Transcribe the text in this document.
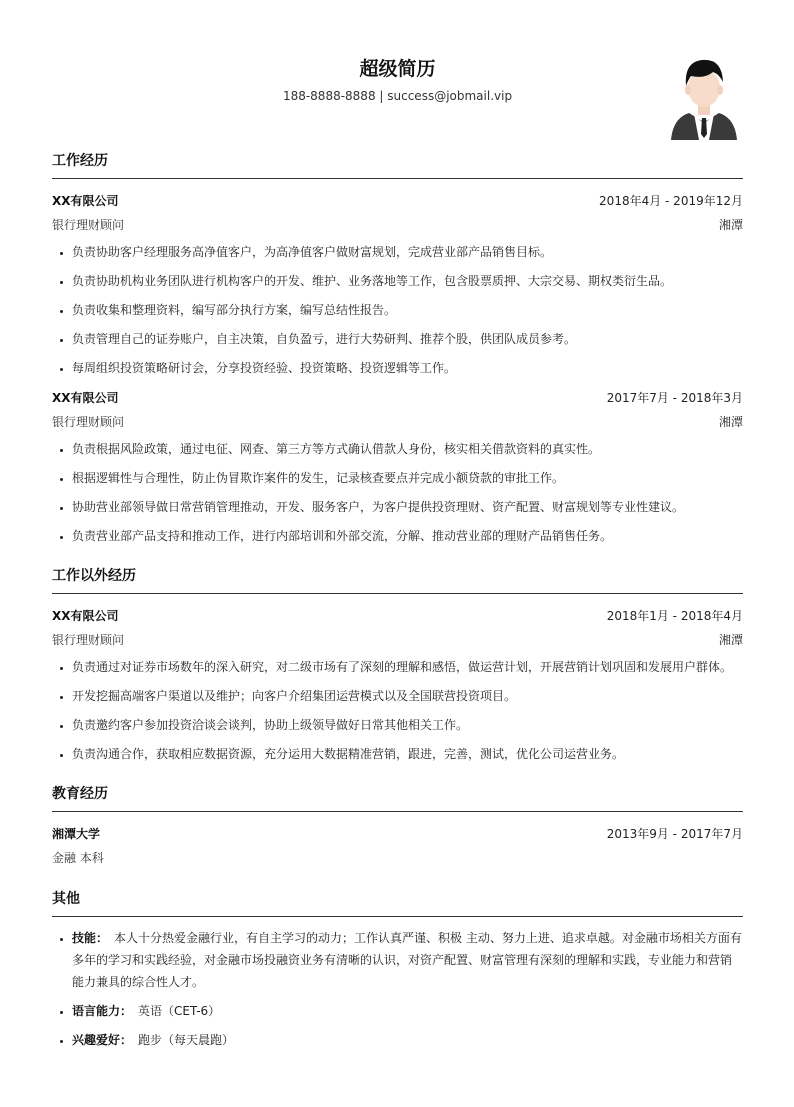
超级简历
188-8888-8888 | success@jobmail.vip
工作经历
XX有限公司	2018年4月 - 2019年12月
银行理财顾问	湘潭
• 负责协助客户经理服务高净值客户，为高净值客户做财富规划，完成营业部产品销售目标。
• 负责协助机构业务团队进行机构客户的开发、维护、业务落地等工作，包含股票质押、大宗交易、期权类衍生品。
• 负责收集和整理资料，编写部分执行方案，编写总结性报告。
• 负责管理自己的证券账户，自主决策，自负盈亏，进行大势研判、推荐个股，供团队成员参考。
• 每周组织投资策略研讨会，分享投资经验、投资策略、投资逻辑等工作。
XX有限公司	2017年7月 - 2018年3月
银行理财顾问	湘潭
• 负责根据风险政策，通过电征、网查、第三方等方式确认借款人身份，核实相关借款资料的真实性。
• 根据逻辑性与合理性，防止伪冒欺诈案件的发生，记录核查要点并完成小额贷款的审批工作。
• 协助营业部领导做日常营销管理推动，开发、服务客户，为客户提供投资理财、资产配置、财富规划等专业性建议。
• 负责营业部产品支持和推动工作，进行内部培训和外部交流，分解、推动营业部的理财产品销售任务。
工作以外经历
XX有限公司	2018年1月 - 2018年4月
银行理财顾问	湘潭
• 负责通过对证券市场数年的深入研究，对二级市场有了深刻的理解和感悟，做运营计划，开展营销计划巩固和发展用户群体。
• 开发挖掘高端客户渠道以及维护；向客户介绍集团运营模式以及全国联营投资项目。
• 负责邀约客户参加投资洽谈会谈判，协助上级领导做好日常其他相关工作。
• 负责沟通合作，获取相应数据资源，充分运用大数据精准营销，跟进，完善，测试，优化公司运营业务。
教育经历
湘潭大学	2013年9月 - 2017年7月
金融 本科
其他
• 技能： 本人十分热爱金融行业，有自主学习的动力；工作认真严谨、积极 主动、努力上进、追求卓越。对金融市场相关方面有多年的学习和实践经验，对金融市场投融资业务有清晰的认识，对资产配置、财富管理有深刻的理解和实践，专业能力和营销能力兼具的综合性人才。
• 语言能力： 英语（CET-6）
• 兴趣爱好： 跑步（每天晨跑）
